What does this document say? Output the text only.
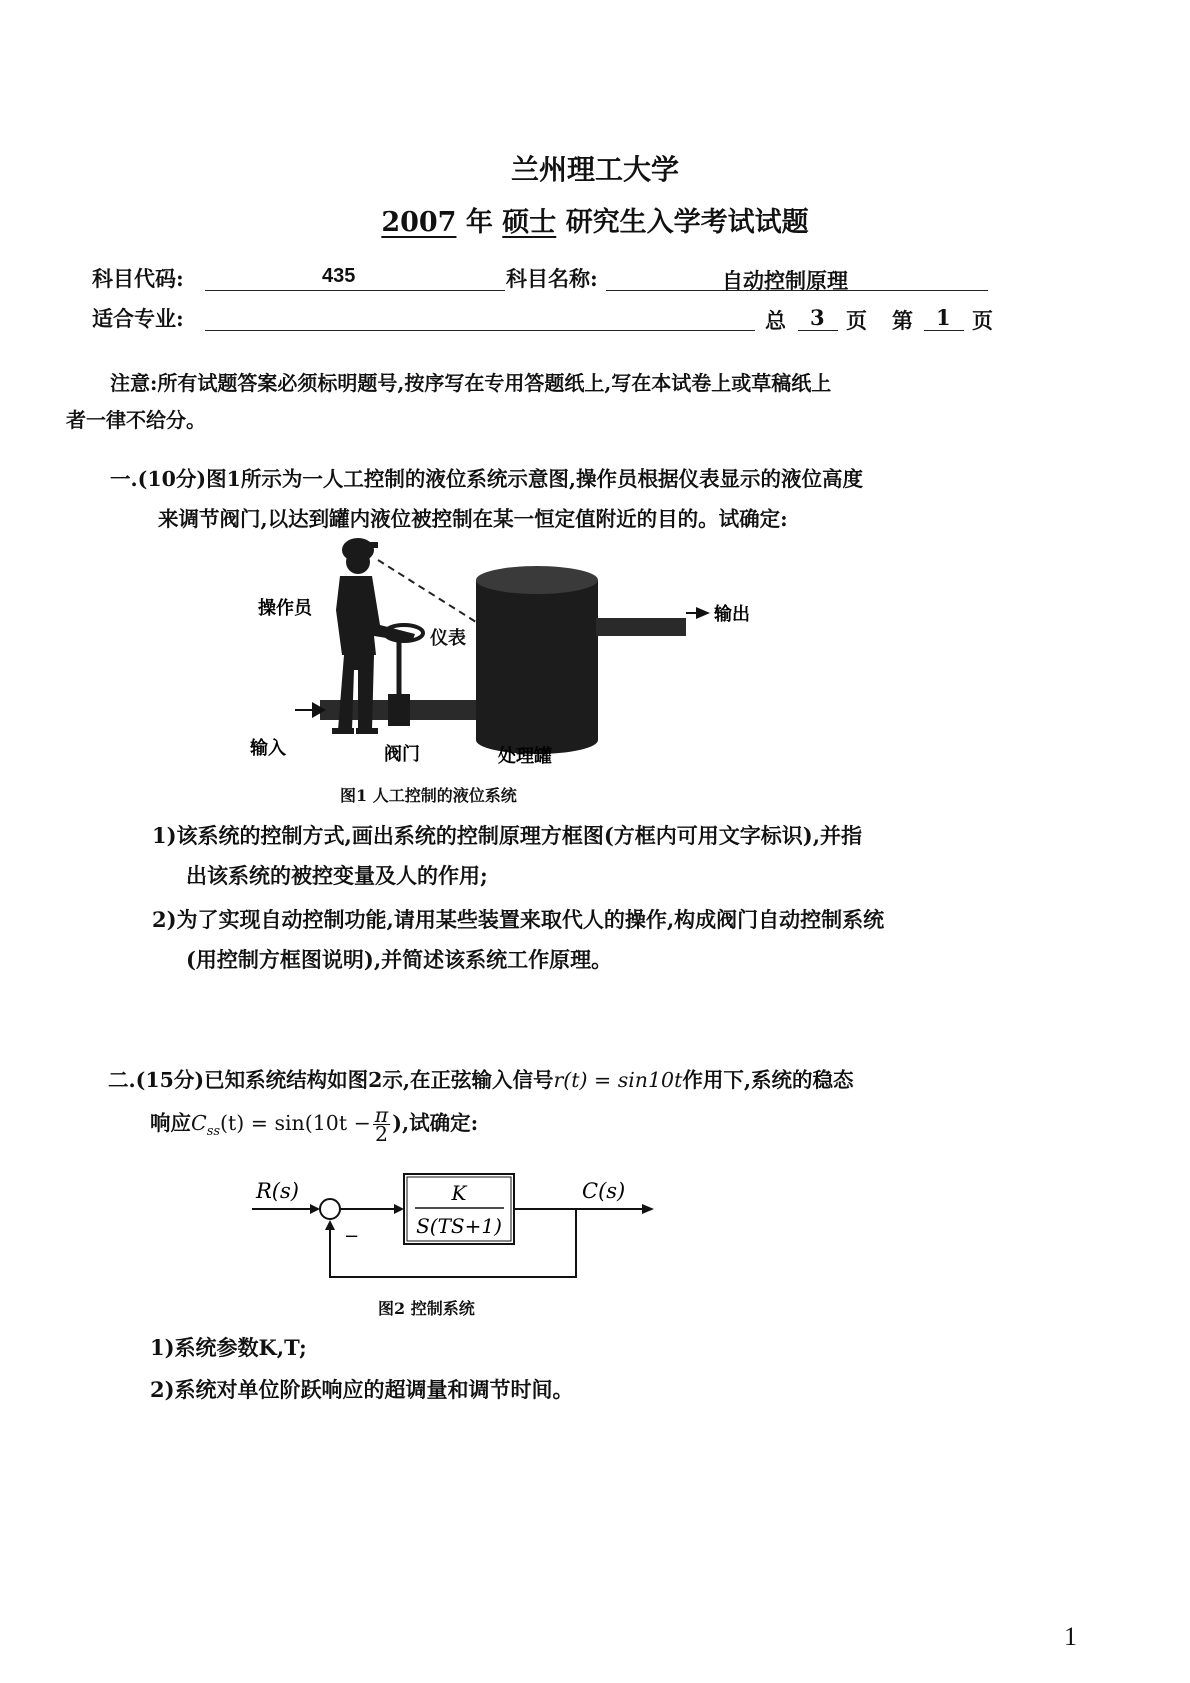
兰州理工大学
2007 年 硕士 研究生入学考试试题
科目代码:	435	科目名称:	自动控制原理
适合专业:	总 3 页 第 1 页
注意:所有试题答案必须标明题号,按序写在专用答题纸上,写在本试卷上或草稿纸上
者一律不给分。
一.(10分)图1所示为一人工控制的液位系统示意图,操作员根据仪表显示的液位高度
来调节阀门,以达到罐内液位被控制在某一恒定值附近的目的。试确定:
操作员
仪表
输出
输入	阀门	处理罐
图1 人工控制的液位系统
1)该系统的控制方式,画出系统的控制原理方框图(方框内可用文字标识),并指
出该系统的被控变量及人的作用;
2)为了实现自动控制功能,请用某些装置来取代人的操作,构成阀门自动控制系统
(用控制方框图说明),并简述该系统工作原理。
二.(15分)已知系统结构如图2示,在正弦输入信号r(t) = sin10t作用下,系统的稳态
响应$C_{ss}(t) = \sin(10t - \frac{\pi}{2}$ ),试确定:
R(s)	K
S(TS+1)
C(s)
−
图2 控制系统
1)系统参数K,T;
2)系统对单位阶跃响应的超调量和调节时间。
1
